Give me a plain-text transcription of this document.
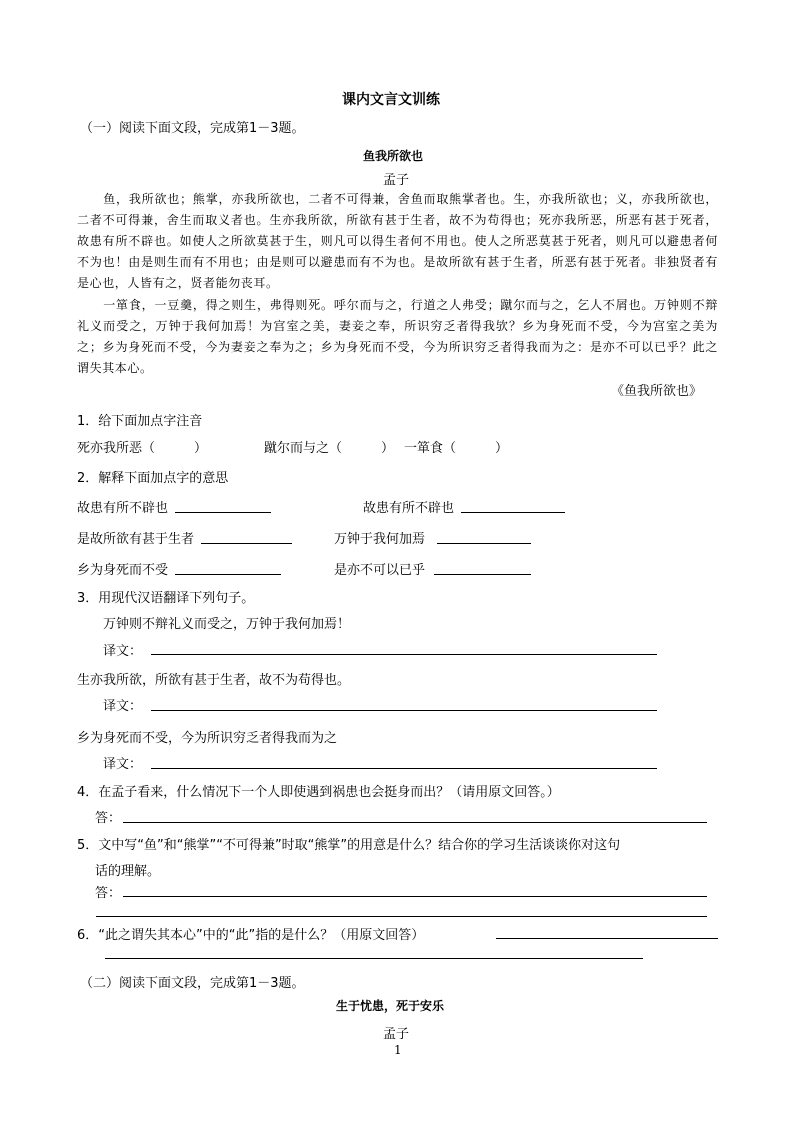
课内文言文训练
（一）阅读下面文段，完成第1－3题。
鱼我所欲也
孟子
鱼，我所欲也；熊掌，亦我所欲也，二者不可得兼，舍鱼而取熊掌者也。生，亦我所欲也；义，亦我所欲也，二者不可得兼，舍生而取义者也。生亦我所欲，所欲有甚于生者，故不为苟得也；死亦我所恶，所恶有甚于死者，故患有所不辟也。如使人之所欲莫甚于生，则凡可以得生者何不用也。使人之所恶莫甚于死者，则凡可以避患者何不为也！由是则生而有不用也；由是则可以避患而有不为也。是故所欲有甚于生者，所恶有甚于死者。非独贤者有是心也，人皆有之，贤者能勿丧耳。
一箪食，一豆羹，得之则生，弗得则死。呼尔而与之，行道之人弗受；蹴尔而与之，乞人不屑也。万钟则不辩礼义而受之，万钟于我何加焉！为宫室之美，妻妾之奉，所识穷乏者得我欤？乡为身死而不受，今为宫室之美为之；乡为身死而不受，今为妻妾之奉为之；乡为身死而不受，今为所识穷乏者得我而为之：是亦不可以已乎？此之谓失其本心。
《鱼我所欲也》
1．给下面加点字注音
死亦我所恶（　　　）	蹴尔而与之（　　　） 一箪食（　　　）
2．解释下面加点字的意思
故患有所不辟也	故患有所不辟也
是故所欲有甚于生者	万钟于我何加焉
乡为身死而不受	是亦不可以已乎
3．用现代汉语翻译下列句子。
万钟则不辩礼义而受之，万钟于我何加焉！
译文：
生亦我所欲，所欲有甚于生者，故不为苟得也。
译文：
乡为身死而不受，今为所识穷乏者得我而为之
译文：
4．在孟子看来，什么情况下一个人即使遇到祸患也会挺身而出？（请用原文回答。）
答：
5．文中写“鱼”和“熊掌”“不可得兼”时取“熊掌”的用意是什么？结合你的学习生活谈谈你对这句
话的理解。
答：
6．“此之谓失其本心”中的“此”指的是什么？（用原文回答）
（二）阅读下面文段，完成第1－3题。
生于忧患，死于安乐
孟子
1
